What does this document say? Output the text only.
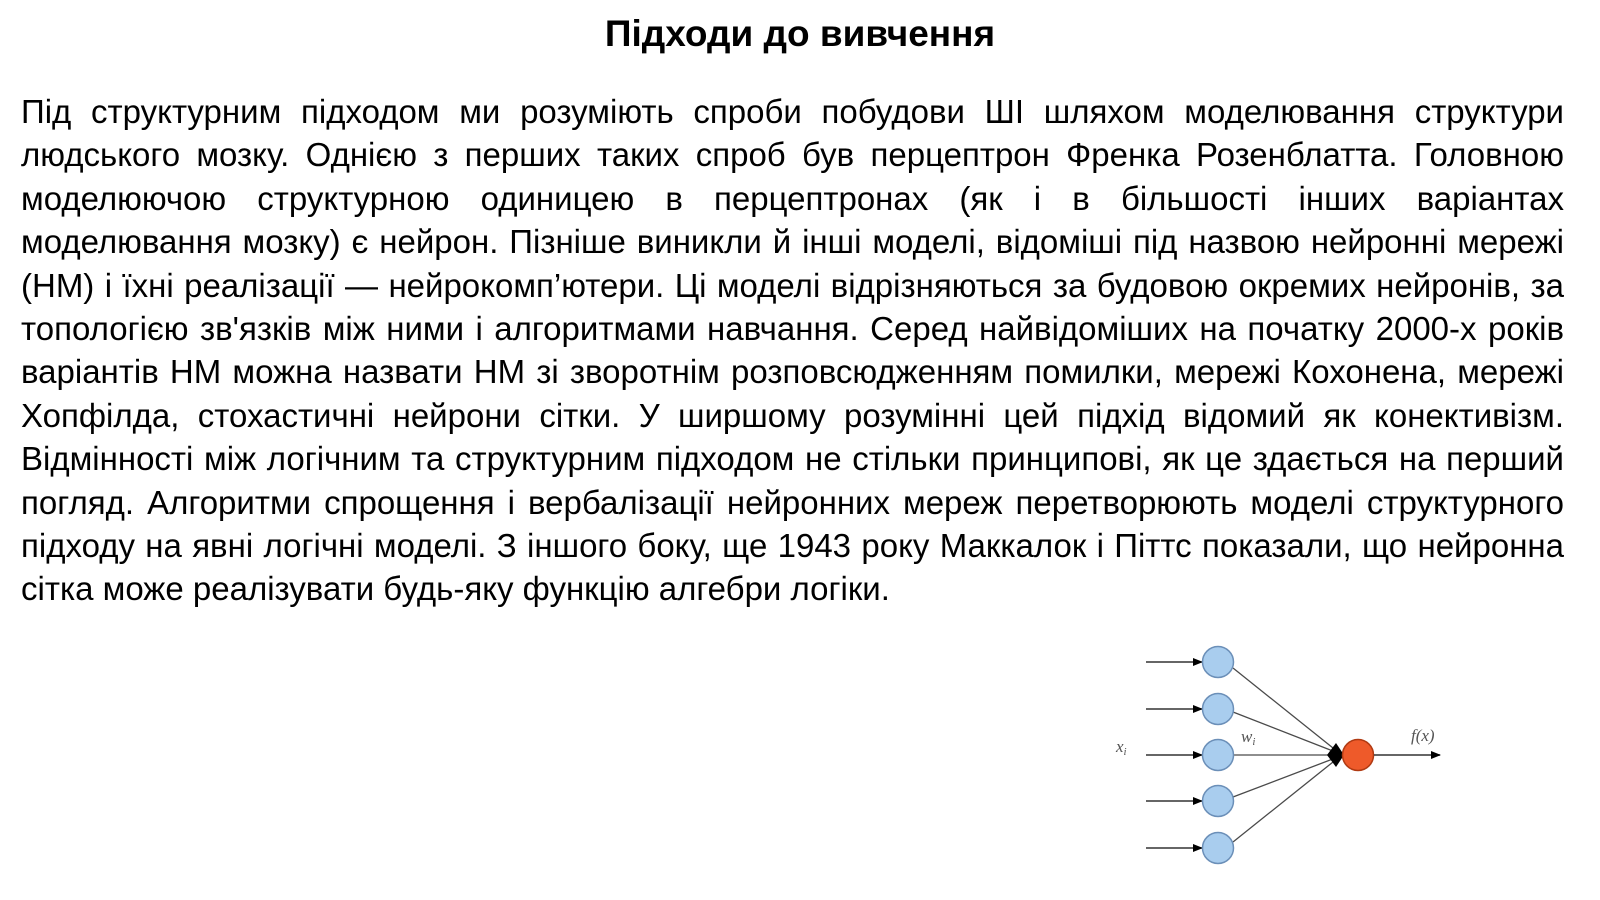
Підходи до вивчення

Під структурним підходом ми розуміють спроби побудови ШІ шляхом моделювання структури людського мозку. Однією з перших таких спроб був перцептрон Френка Розенблатта. Головною моделюючою структурною одиницею в перцептронах (як і в більшості інших варіантах моделювання мозку) є нейрон. Пізніше виникли й інші моделі, відоміші під назвою нейронні мережі (НМ) і їхні реалізації — нейрокомп’ютери. Ці моделі відрізняються за будовою окремих нейронів, за топологією зв'язків між ними і алгоритмами навчання. Серед найвідоміших на початку 2000-х років варіантів НМ можна назвати НМ зі зворотнім розповсюдженням помилки, мережі Кохонена, мережі Хопфілда, стохастичні нейрони сітки. У ширшому розумінні цей підхід відомий як конективізм. Відмінності між логічним та структурним підходом не стільки принципові, як це здається на перший погляд. Алгоритми спрощення і вербалізації нейронних мереж перетворюють моделі структурного підходу на явні логічні моделі. З іншого боку, ще 1943 року Маккалок і Піттс показали, що нейронна сітка може реалізувати будь-яку функцію алгебри логіки.

xi
wi	f(x)
